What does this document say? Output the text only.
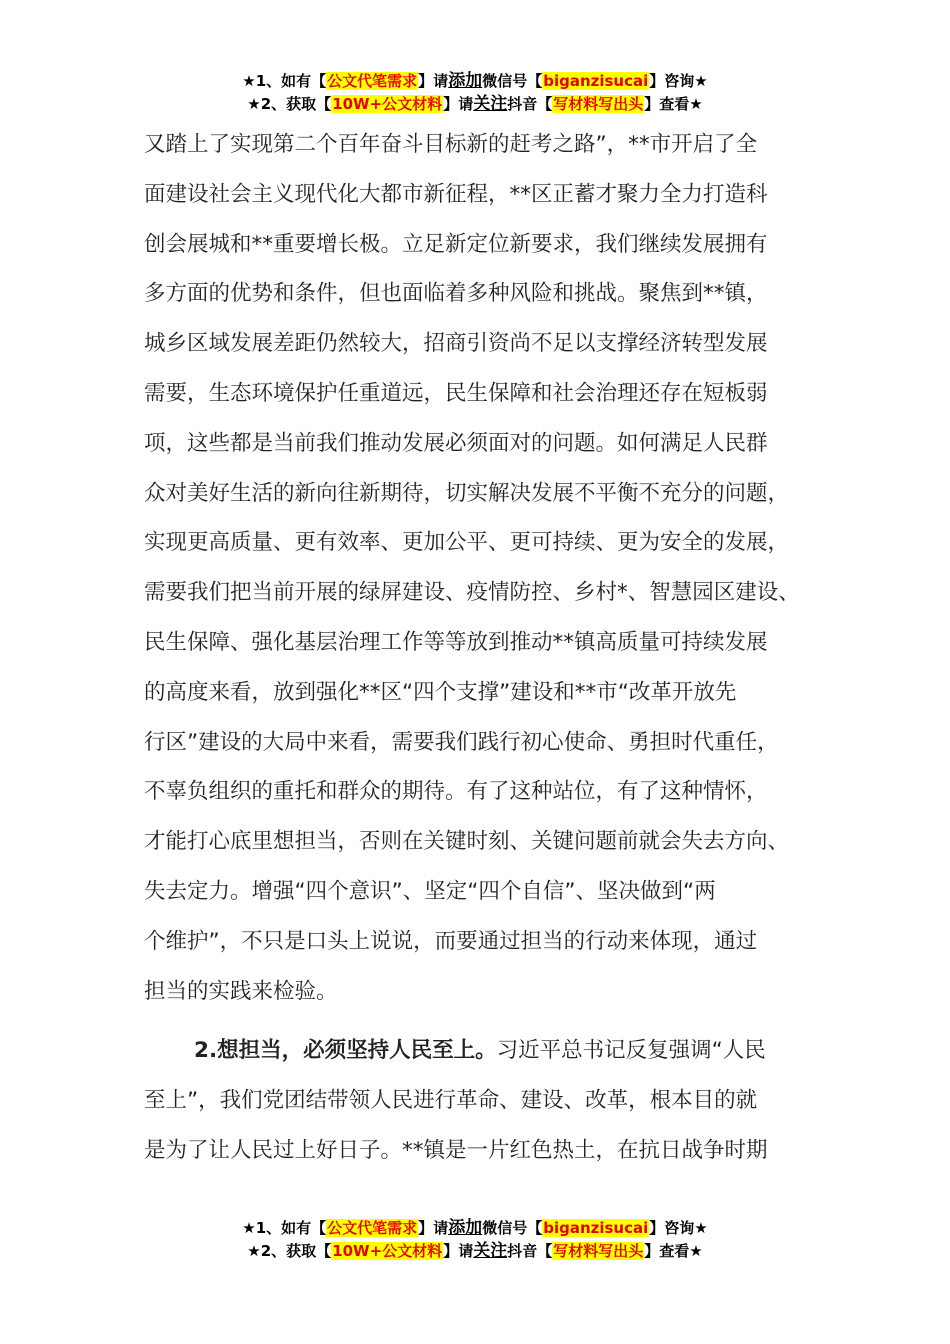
★1、如有【公文代笔需求】请添加微信号【biganzisucai】咨询★
★2、获取【10W+公文材料】请关注抖音【写材料写出头】查看★
又踏上了实现第二个百年奋斗目标新的赶考之路”，**市开启了全
面建设社会主义现代化大都市新征程，**区正蓄才聚力全力打造科
创会展城和**重要增长极。立足新定位新要求，我们继续发展拥有
多方面的优势和条件，但也面临着多种风险和挑战。聚焦到**镇，
城乡区域发展差距仍然较大，招商引资尚不足以支撑经济转型发展
需要，生态环境保护任重道远，民生保障和社会治理还存在短板弱
项，这些都是当前我们推动发展必须面对的问题。如何满足人民群
众对美好生活的新向往新期待，切实解决发展不平衡不充分的问题，
实现更高质量、更有效率、更加公平、更可持续、更为安全的发展，
需要我们把当前开展的绿屏建设、疫情防控、乡村*、智慧园区建设、
民生保障、强化基层治理工作等等放到推动**镇高质量可持续发展
的高度来看，放到强化**区“四个支撑”建设和**市“改革开放先
行区”建设的大局中来看，需要我们践行初心使命、勇担时代重任，
不辜负组织的重托和群众的期待。有了这种站位，有了这种情怀，
才能打心底里想担当，否则在关键时刻、关键问题前就会失去方向、
失去定力。增强“四个意识”、坚定“四个自信”、坚决做到“两
个维护”，不只是口头上说说，而要通过担当的行动来体现，通过
担当的实践来检验。
2.想担当，必须坚持人民至上。习近平总书记反复强调“人民
至上”，我们党团结带领人民进行革命、建设、改革，根本目的就
是为了让人民过上好日子。**镇是一片红色热土，在抗日战争时期
★1、如有【公文代笔需求】请添加微信号【biganzisucai】咨询★
★2、获取【10W+公文材料】请关注抖音【写材料写出头】查看★
